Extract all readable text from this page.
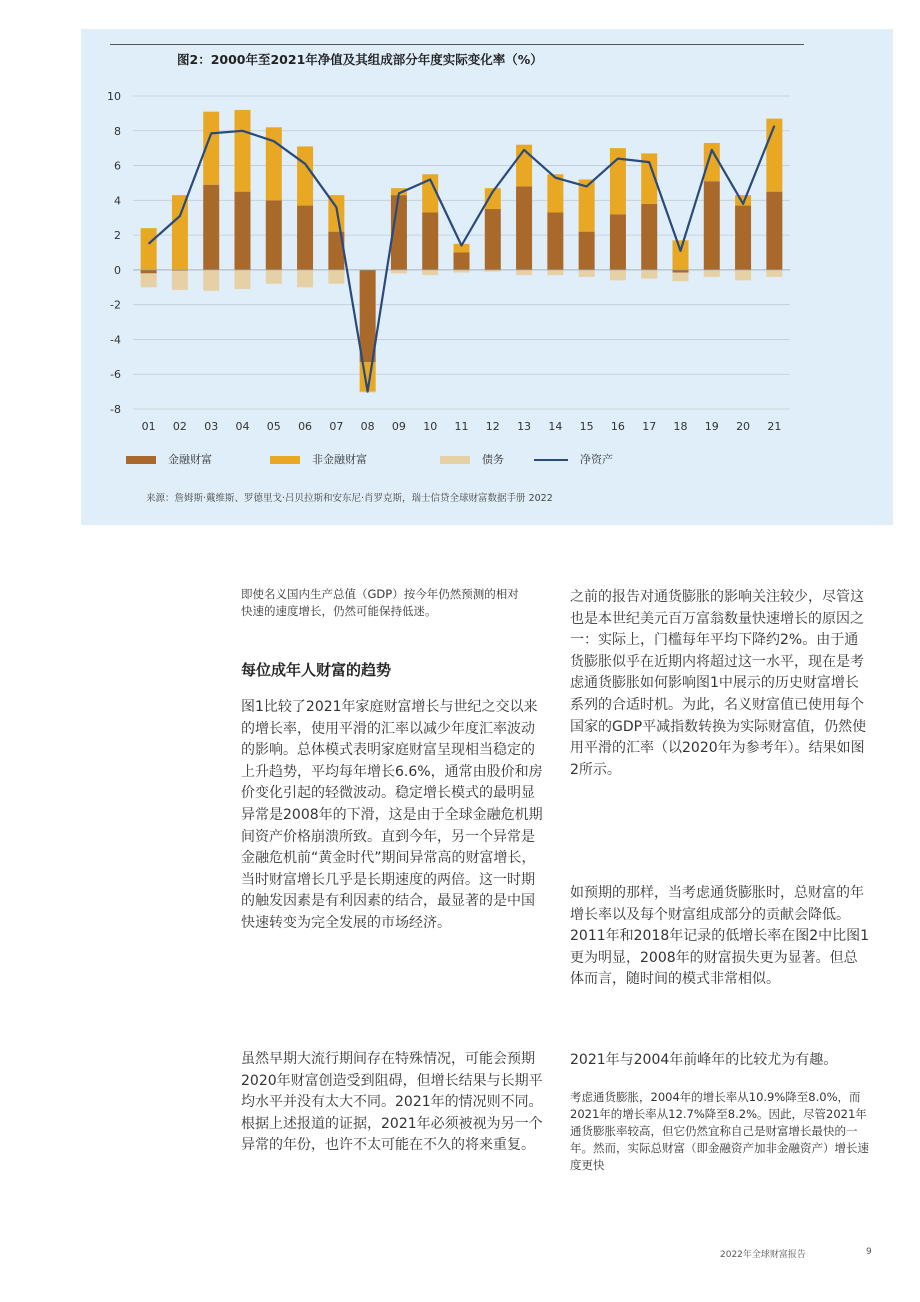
图2：2000年至2021年净值及其组成部分年度实际变化率（%）
10
8
6
4
2
0
-2
-4
-6
-8
01 02 03 04 05 06 07 08 09 10 11 12 13 14 15 16 17 18 19 20 21
金融财富	非金融财富	债务	净资产
来源：詹姆斯·戴维斯、罗德里戈·吕贝拉斯和安东尼·肖罗克斯，瑞士信贷全球财富数据手册 2022

即使名义国内生产总值（GDP）按今年仍然预测的相对快速的速度增长，仍然可能保持低迷。

每位成年人财富的趋势

图1比较了2021年家庭财富增长与世纪之交以来的增长率，使用平滑的汇率以减少年度汇率波动的影响。总体模式表明家庭财富呈现相当稳定的上升趋势，平均每年增长6.6%，通常由股价和房价变化引起的轻微波动。稳定增长模式的最明显异常是2008年的下滑，这是由于全球金融危机期间资产价格崩溃所致。直到今年，另一个异常是金融危机前“黄金时代”期间异常高的财富增长，当时财富增长几乎是长期速度的两倍。这一时期的触发因素是有利因素的结合，最显著的是中国快速转变为完全发展的市场经济。

虽然早期大流行期间存在特殊情况，可能会预期2020年财富创造受到阻碍，但增长结果与长期平均水平并没有太大不同。2021年的情况则不同。根据上述报道的证据，2021年必须被视为另一个异常的年份，也许不太可能在不久的将来重复。

之前的报告对通货膨胀的影响关注较少，尽管这也是本世纪美元百万富翁数量快速增长的原因之一：实际上，门槛每年平均下降约2%。由于通货膨胀似乎在近期内将超过这一水平，现在是考虑通货膨胀如何影响图1中展示的历史财富增长系列的合适时机。为此，名义财富值已使用每个国家的GDP平减指数转换为实际财富值，仍然使用平滑的汇率（以2020年为参考年）。结果如图2所示。

如预期的那样，当考虑通货膨胀时，总财富的年增长率以及每个财富组成部分的贡献会降低。2011年和2018年记录的低增长率在图2中比图1更为明显，2008年的财富损失更为显著。但总体而言，随时间的模式非常相似。

2021年与2004年前峰年的比较尤为有趣。

考虑通货膨胀，2004年的增长率从10.9%降至8.0%，而2021年的增长率从12.7%降至8.2%。因此，尽管2021年通货膨胀率较高，但它仍然宜称自己是财富增长最快的一年。然而，实际总财富（即金融资产加非金融资产）增长速度更快

2022年全球财富报告	9
